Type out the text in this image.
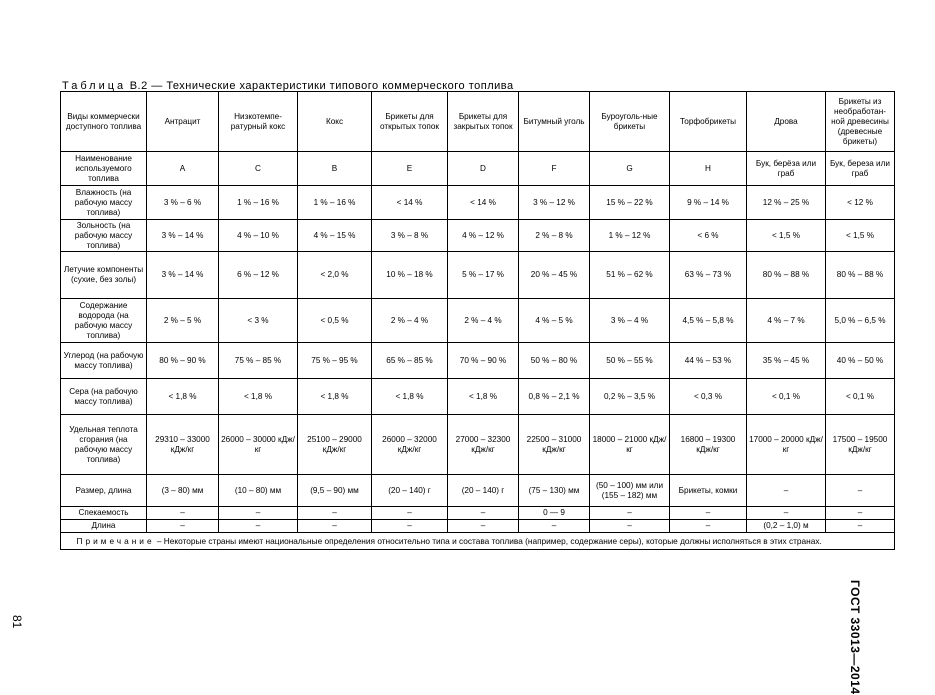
Таблица В.2 — Технические характеристики типового коммерческого топлива
Виды коммерчески доступного топлива	Антрацит	Низкотемпе-ратурный кокс	Кокс	Брикеты для открытых топок	Брикеты для закрытых топок	Битумный уголь	Буроуголь-ные брикеты	Торфобрикеты	Дрова	Брикеты из необработан-ной древесины (древесные брикеты)
Наименование используемого топлива	A	C	B	E	D	F	G	H	Бук, берёза или граб	Бук, береза или граб
Влажность (на рабочую массу топлива)	3 % – 6 %	1 % – 16 %	1 % – 16 %	< 14 %	< 14 %	3 % – 12 %	15 % – 22 %	9 % – 14 %	12 % – 25 %	< 12 %
Зольность (на рабочую массу топлива)	3 % – 14 %	4 % – 10 %	4 % – 15 %	3 % – 8 %	4 % – 12 %	2 % – 8 %	1 % – 12 %	< 6 %	< 1,5 %	< 1,5 %
Летучие компоненты (сухие, без золы)	3 % – 14 %	6 % – 12 %	< 2,0 %	10 % – 18 %	5 % – 17 %	20 % – 45 %	51 % – 62 %	63 % – 73 %	80 % – 88 %	80 % – 88 %
Содержание водорода (на рабочую массу топлива)	2 % – 5 %	< 3 %	< 0,5 %	2 % – 4 %	2 % – 4 %	4 % – 5 %	3 % – 4 %	4,5 % – 5,8 %	4 % – 7 %	5,0 % – 6,5 %
Углерод (на рабочую массу топлива)	80 % – 90 %	75 % – 85 %	75 % – 95 %	65 % – 85 %	70 % – 90 %	50 % – 80 %	50 % – 55 %	44 % – 53 %	35 % – 45 %	40 % – 50 %
Сера (на рабочую массу топлива)	< 1,8 %	< 1,8 %	< 1,8 %	< 1,8 %	< 1,8 %	0,8 % – 2,1 %	0,2 % – 3,5 %	< 0,3 %	< 0,1 %	< 0,1 %
Удельная теплота сгорания (на рабочую массу топлива)	29310 – 33000 кДж/кг	26000 – 30000 кДж/кг	25100 – 29000 кДж/кг	26000 – 32000 кДж/кг	27000 – 32300 кДж/кг	22500 – 31000 кДж/кг	18000 – 21000 кДж/кг	16800 – 19300 кДж/кг	17000 – 20000 кДж/кг	17500 – 19500 кДж/кг
Размер, длина	(3 – 80) мм	(10 – 80) мм	(9,5 – 90) мм	(20 – 140) г	(20 – 140) г	(75 – 130) мм	(50 – 100) мм или (155 – 182) мм	Брикеты, комки	–	–
Спекаемость	–	–	–	–	–	0 — 9	–	–	–	–
Длина	–	–	–	–	–	–	–	–	(0,2 – 1,0) м	–
Примечание – Некоторые страны имеют национальные определения относительно типа и состава топлива (например, содержание серы), которые должны исполняться в этих странах.										
ГОСТ 33013—2014
81
